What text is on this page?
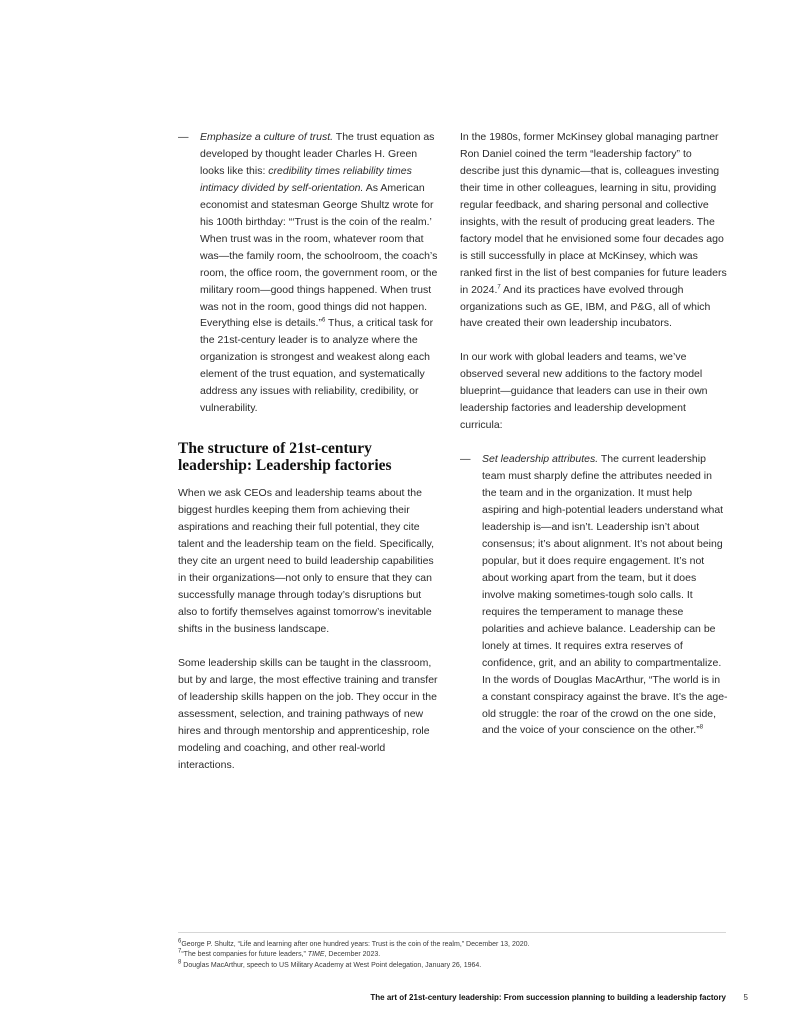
— Emphasize a culture of trust. The trust equation as developed by thought leader Charles H. Green looks like this: credibility times reliability times intimacy divided by self-orientation. As American economist and statesman George Shultz wrote for his 100th birthday: “‘Trust is the coin of the realm.’ When trust was in the room, whatever room that was—the family room, the schoolroom, the coach’s room, the office room, the government room, or the military room—good things happened. When trust was not in the room, good things did not happen. Everything else is details.”$^6$ Thus, a critical task for the 21st-century leader is to analyze where the organization is strongest and weakest along each element of the trust equation, and systematically address any issues with reliability, credibility, or vulnerability.

The structure of 21st-century leadership: Leadership factories

When we ask CEOs and leadership teams about the biggest hurdles keeping them from achieving their aspirations and reaching their full potential, they cite talent and the leadership team on the field. Specifically, they cite an urgent need to build leadership capabilities in their organizations—not only to ensure that they can successfully manage through today’s disruptions but also to fortify themselves against tomorrow’s inevitable shifts in the business landscape.

Some leadership skills can be taught in the classroom, but by and large, the most effective training and transfer of leadership skills happen on the job. They occur in the assessment, selection, and training pathways of new hires and through mentorship and apprenticeship, role modeling and coaching, and other real-world interactions.

In the 1980s, former McKinsey global managing partner Ron Daniel coined the term “leadership factory” to describe just this dynamic—that is, colleagues investing their time in other colleagues, learning in situ, providing regular feedback, and sharing personal and collective insights, with the result of producing great leaders. The factory model that he envisioned some four decades ago is still successfully in place at McKinsey, which was ranked first in the list of best companies for future leaders in 2024.$^7$ And its practices have evolved through organizations such as GE, IBM, and P&G, all of which have created their own leadership incubators.

In our work with global leaders and teams, we’ve observed several new additions to the factory model blueprint—guidance that leaders can use in their own leadership factories and leadership development curricula:

— Set leadership attributes. The current leadership team must sharply define the attributes needed in the team and in the organization. It must help aspiring and high-potential leaders understand what leadership is—and isn’t. Leadership isn’t about consensus; it’s about alignment. It’s not about being popular, but it does require engagement. It’s not about working apart from the team, but it does involve making sometimes-tough solo calls. It requires the temperament to manage these polarities and achieve balance. Leadership can be lonely at times. It requires extra reserves of confidence, grit, and an ability to compartmentalize. In the words of Douglas MacArthur, “The world is in a constant conspiracy against the brave. It’s the age-old struggle: the roar of the crowd on the one side, and the voice of your conscience on the other.”$^8$

$^6$George P. Shultz, “Life and learning after one hundred years: Trust is the coin of the realm,” December 13, 2020.
$^7$“The best companies for future leaders,” TIME, December 2023.
$^8$ Douglas MacArthur, speech to US Military Academy at West Point delegation, January 26, 1964.
The art of 21st-century leadership: From succession planning to building a leadership factory	5
